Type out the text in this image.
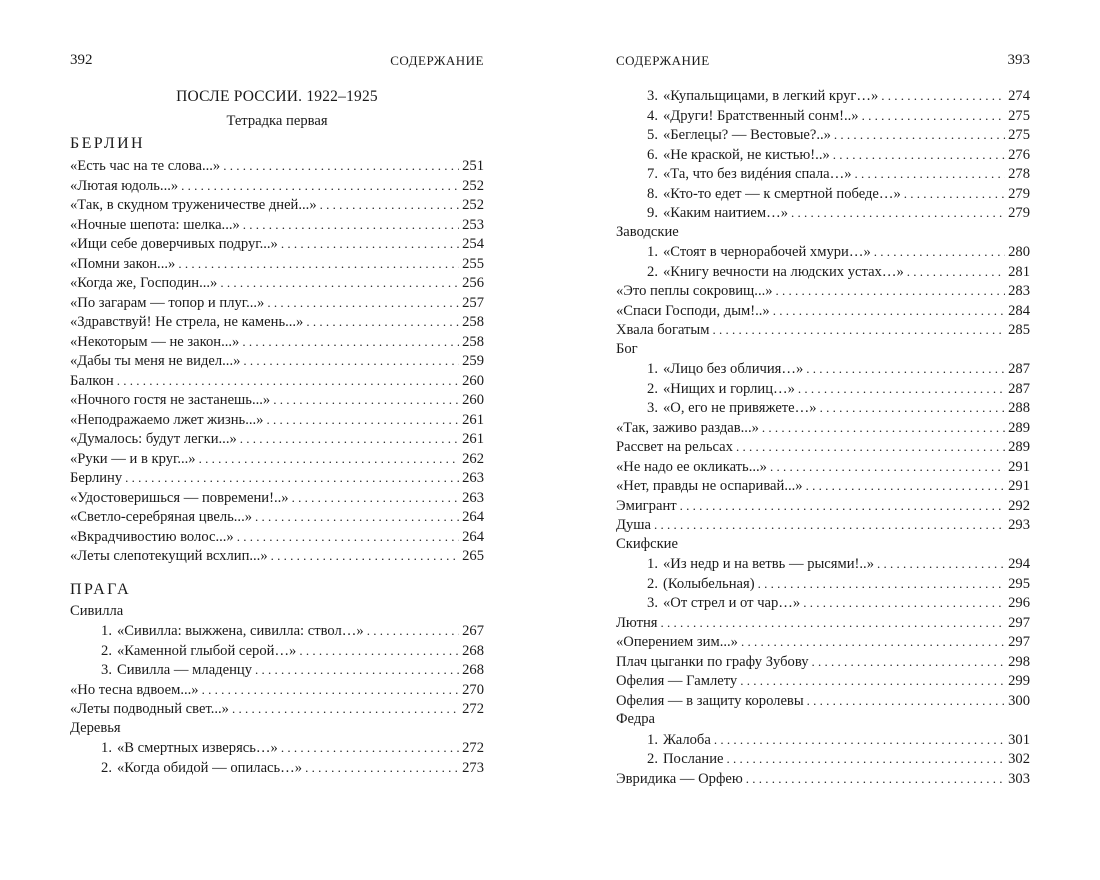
392	СОДЕРЖАНИЕ
ПОСЛЕ РОССИИ. 1922–1925
Тетрадка первая
БЕРЛИН
«Есть час на те слова...» . . .	251
«Лютая юдоль...» . . .	252
«Так, в скудном труженичестве дней...» . . .	252
«Ночные шепота: шелка...» . . .	253
«Ищи себе доверчивых подруг...» . . .	254
«Помни закон...» . . .	255
«Когда же, Господин...» . . .	256
«По загарам — топор и плуг...» . . .	257
«Здравствуй! Не стрела, не камень...» . . .	258
«Некоторым — не закон...» . . .	258
«Дабы ты меня не видел...» . . .	259
Балкон . . .	260
«Ночного гостя не застанешь...» . . .	260
«Неподражаемо лжет жизнь...» . . .	261
«Думалось: будут легки...» . . .	261
«Руки — и в круг...» . . .	262
Берлину . . .	263
«Удостоверишься — повремени!..» . . .	263
«Светло-серебряная цвель...» . . .	264
«Вкрадчивостию волос...» . . .	264
«Леты слепотекущий всхлип...» . . .	265
ПРАГА
Сивилла
1. «Сивилла: выжжена, сивилла: ствол…» . . .	267
2. «Каменной глыбой серой…» . . .	268
3. Сивилла — младенцу . . .	268
«Но тесна вдвоем...» . . .	270
«Леты подводный свет...» . . .	272
Деревья
1. «В смертных изверясь…» . . .	272
2. «Когда обидой — опилась…» . . .	273
СОДЕРЖАНИЕ	393
3. «Купальщицами, в легкий круг…» . . .	274
4. «Други! Братственный сонм!..» . . .	275
5. «Беглецы? — Вестовые?..» . . .	275
6. «Не краской, не кистью!..» . . .	276
7. «Та, что без видéния спала…» . . .	278
8. «Кто-то едет — к смертной победе…» . . .	279
9. «Каким наитием…» . . .	279
Заводские
1. «Стоят в чернорабочей хмури…» . . .	280
2. «Книгу вечности на людских устах…» . . .	281
«Это пеплы сокровищ...» . . .	283
«Спаси Господи, дым!..» . . .	284
Хвала богатым . . .	285
Бог
1. «Лицо без обличия…» . . .	287
2. «Нищих и горлиц…» . . .	287
3. «О, его не привяжете…» . . .	288
«Так, заживо раздав...» . . .	289
Рассвет на рельсах . . .	289
«Не надо ее окликать...» . . .	291
«Нет, правды не оспаривай...» . . .	291
Эмигрант . . .	292
Душа . . .	293
Скифские
1. «Из недр и на ветвь — рысями!..» . . .	294
2. (Колыбельная) . . .	295
3. «От стрел и от чар…» . . .	296
Лютня . . .	297
«Оперением зим...» . . .	297
Плач цыганки по графу Зубову . . .	298
Офелия — Гамлету . . .	299
Офелия — в защиту королевы . . .	300
Федра
1. Жалоба . . .	301
2. Послание . . .	302
Эвридика — Орфею . . .	303
